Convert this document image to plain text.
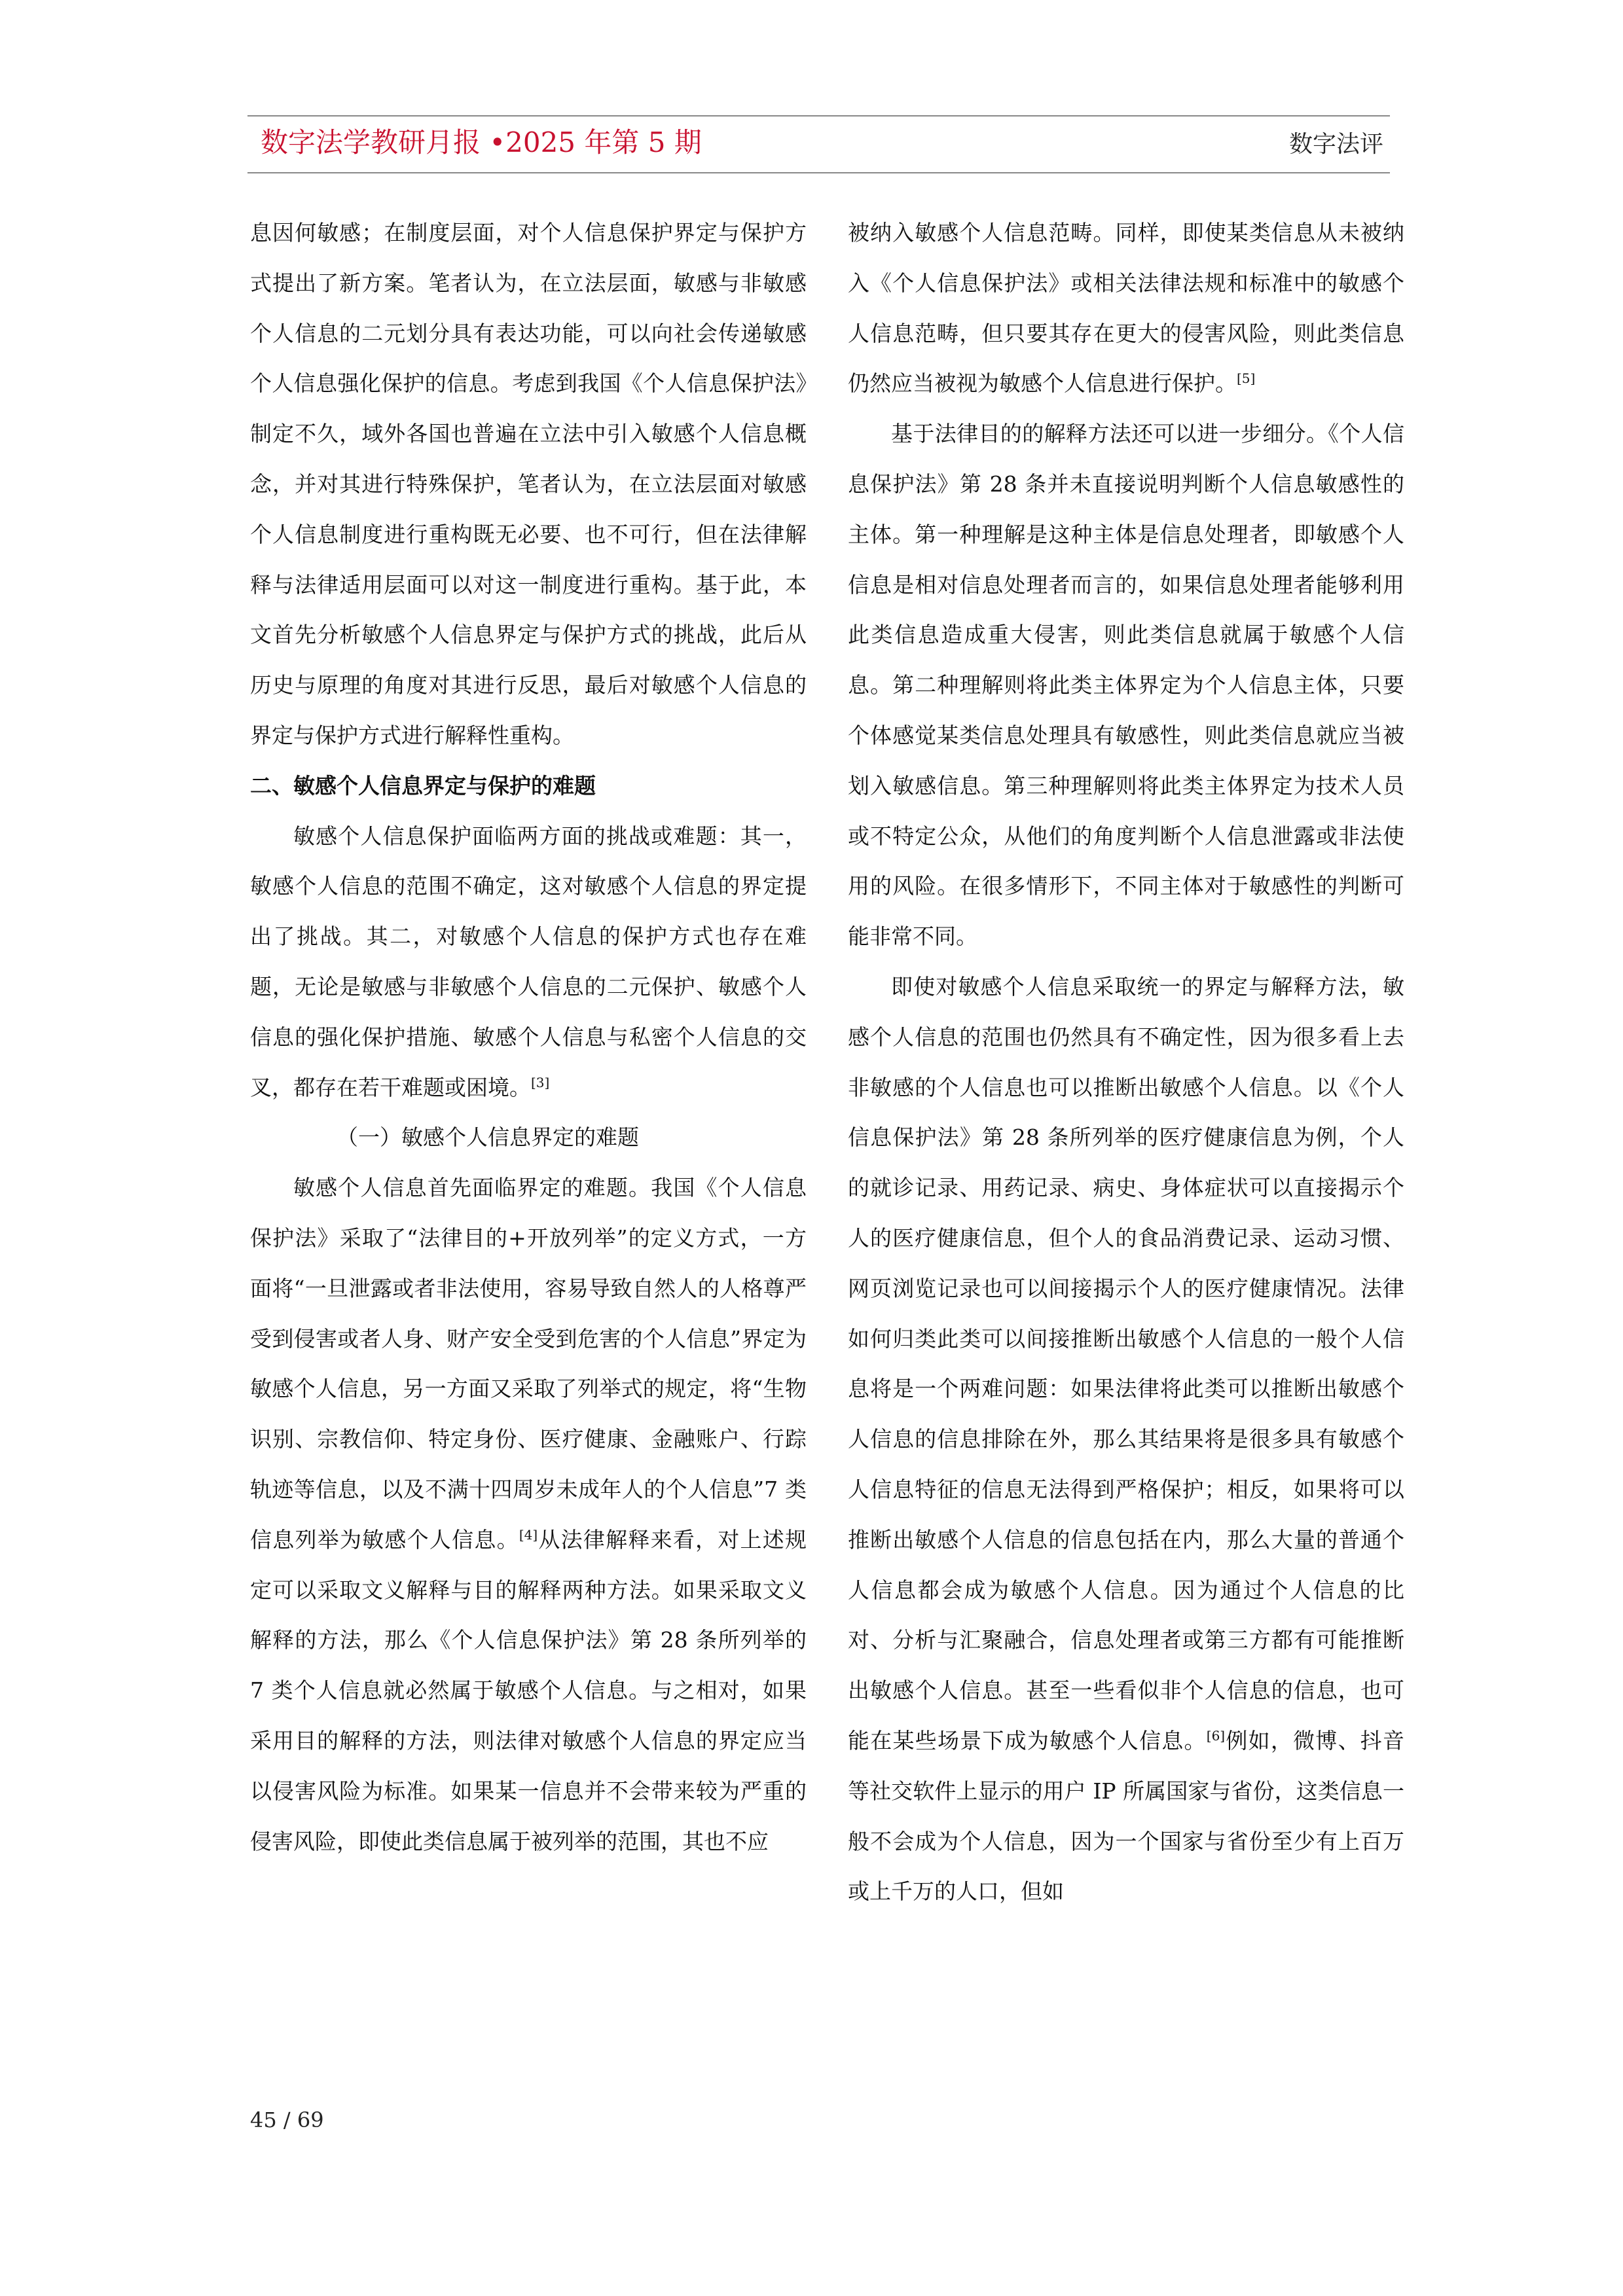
数字法学教研月报 •2025 年第 5 期	数字法评

息因何敏感；在制度层面，对个人信息保护界定与保护方式提出了新方案。笔者认为，在立法层面，敏感与非敏感个人信息的二元划分具有表达功能，可以向社会传递敏感个人信息强化保护的信息。考虑到我国《个人信息保护法》制定不久，域外各国也普遍在立法中引入敏感个人信息概念，并对其进行特殊保护，笔者认为，在立法层面对敏感个人信息制度进行重构既无必要、也不可行，但在法律解释与法律适用层面可以对这一制度进行重构。基于此，本文首先分析敏感个人信息界定与保护方式的挑战，此后从历史与原理的角度对其进行反思，最后对敏感个人信息的界定与保护方式进行解释性重构。

二、敏感个人信息界定与保护的难题

敏感个人信息保护面临两方面的挑战或难题：其一，敏感个人信息的范围不确定，这对敏感个人信息的界定提出了挑战。其二，对敏感个人信息的保护方式也存在难题，无论是敏感与非敏感个人信息的二元保护、敏感个人信息的强化保护措施、敏感个人信息与私密个人信息的交叉，都存在若干难题或困境。[3]

（一）敏感个人信息界定的难题

敏感个人信息首先面临界定的难题。我国《个人信息保护法》采取了“法律目的+开放列举”的定义方式，一方面将“一旦泄露或者非法使用，容易导致自然人的人格尊严受到侵害或者人身、财产安全受到危害的个人信息”界定为敏感个人信息，另一方面又采取了列举式的规定，将“生物识别、宗教信仰、特定身份、医疗健康、金融账户、行踪轨迹等信息，以及不满十四周岁未成年人的个人信息”7 类信息列举为敏感个人信息。[4]从法律解释来看，对上述规定可以采取文义解释与目的解释两种方法。如果采取文义解释的方法，那么《个人信息保护法》第 28 条所列举的 7 类个人信息就必然属于敏感个人信息。与之相对，如果采用目的解释的方法，则法律对敏感个人信息的界定应当以侵害风险为标准。如果某一信息并不会带来较为严重的侵害风险，即使此类信息属于被列举的范围，其也不应

被纳入敏感个人信息范畴。同样，即使某类信息从未被纳入《个人信息保护法》或相关法律法规和标准中的敏感个人信息范畴，但只要其存在更大的侵害风险，则此类信息仍然应当被视为敏感个人信息进行保护。[5]

基于法律目的的解释方法还可以进一步细分。《个人信息保护法》第 28 条并未直接说明判断个人信息敏感性的主体。第一种理解是这种主体是信息处理者，即敏感个人信息是相对信息处理者而言的，如果信息处理者能够利用此类信息造成重大侵害，则此类信息就属于敏感个人信息。第二种理解则将此类主体界定为个人信息主体，只要个体感觉某类信息处理具有敏感性，则此类信息就应当被划入敏感信息。第三种理解则将此类主体界定为技术人员或不特定公众，从他们的角度判断个人信息泄露或非法使用的风险。在很多情形下，不同主体对于敏感性的判断可能非常不同。

即使对敏感个人信息采取统一的界定与解释方法，敏感个人信息的范围也仍然具有不确定性，因为很多看上去非敏感的个人信息也可以推断出敏感个人信息。以《个人信息保护法》第 28 条所列举的医疗健康信息为例，个人的就诊记录、用药记录、病史、身体症状可以直接揭示个人的医疗健康信息，但个人的食品消费记录、运动习惯、网页浏览记录也可以间接揭示个人的医疗健康情况。法律如何归类此类可以间接推断出敏感个人信息的一般个人信息将是一个两难问题：如果法律将此类可以推断出敏感个人信息的信息排除在外，那么其结果将是很多具有敏感个人信息特征的信息无法得到严格保护；相反，如果将可以推断出敏感个人信息的信息包括在内，那么大量的普通个人信息都会成为敏感个人信息。因为通过个人信息的比对、分析与汇聚融合，信息处理者或第三方都有可能推断出敏感个人信息。甚至一些看似非个人信息的信息，也可能在某些场景下成为敏感个人信息。[6]例如，微博、抖音等社交软件上显示的用户 IP 所属国家与省份，这类信息一般不会成为个人信息，因为一个国家与省份至少有上百万或上千万的人口，但如

45 / 69
